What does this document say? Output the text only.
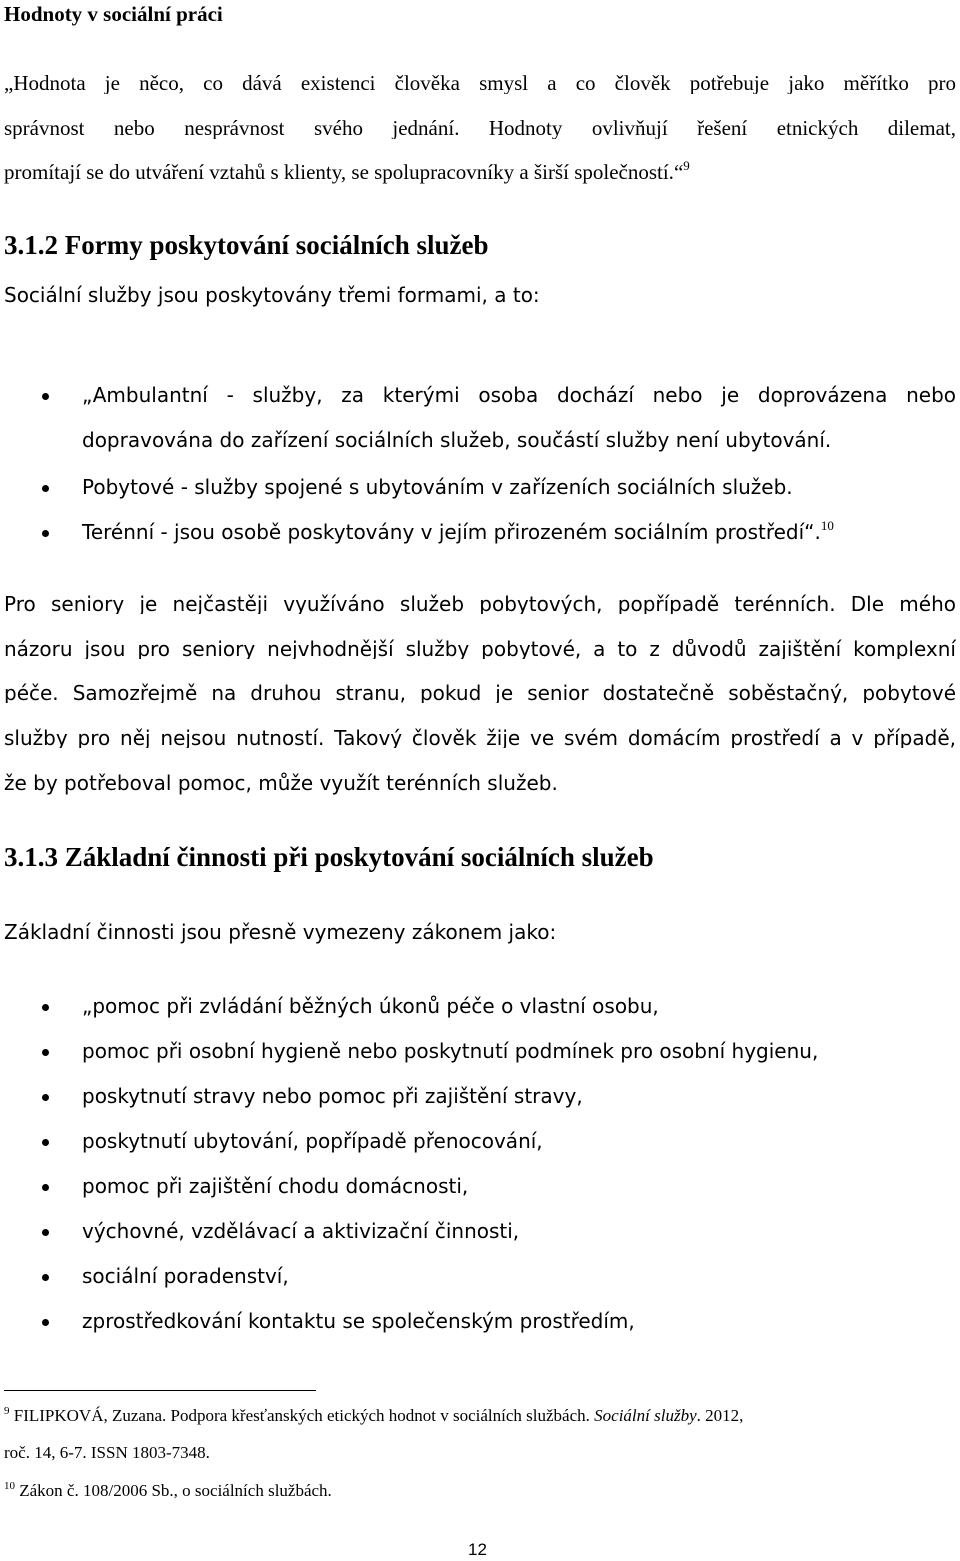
Hodnoty v sociální práci
„Hodnota je něco, co dává existenci člověka smysl a co člověk potřebuje jako měřítko pro
správnost nebo nesprávnost svého jednání. Hodnoty ovlivňují řešení etnických dilemat,
promítají se do utváření vztahů s klienty, se spolupracovníky a širší společností.“$^9$
3.1.2 Formy poskytování sociálních služeb
Sociální služby jsou poskytovány třemi formami, a to:
„Ambulantní - služby, za kterými osoba dochází nebo je doprovázena nebo
dopravována do zařízení sociálních služeb, součástí služby není ubytování.
Pobytové - služby spojené s ubytováním v zařízeních sociálních služeb.
Terénní - jsou osobě poskytovány v jejím přirozeném sociálním prostředí“.$^{10}$
Pro seniory je nejčastěji využíváno služeb pobytových, popřípadě terénních. Dle mého
názoru jsou pro seniory nejvhodnější služby pobytové, a to z důvodů zajištění komplexní
péče. Samozřejmě na druhou stranu, pokud je senior dostatečně soběstačný, pobytové
služby pro něj nejsou nutností. Takový člověk žije ve svém domácím prostředí a v případě,
že by potřeboval pomoc, může využít terénních služeb.
3.1.3 Základní činnosti při poskytování sociálních služeb
Základní činnosti jsou přesně vymezeny zákonem jako:
„pomoc při zvládání běžných úkonů péče o vlastní osobu,
pomoc při osobní hygieně nebo poskytnutí podmínek pro osobní hygienu,
poskytnutí stravy nebo pomoc při zajištění stravy,
poskytnutí ubytování, popřípadě přenocování,
pomoc při zajištění chodu domácnosti,
výchovné, vzdělávací a aktivizační činnosti,
sociální poradenství,
zprostředkování kontaktu se společenským prostředím,
$^9$ FILIPKOVÁ, Zuzana. Podpora křesťanských etických hodnot v sociálních službách. Sociální služby. 2012,
roč. 14, 6-7. ISSN 1803-7348.
$^{10}$ Zákon č. 108/2006 Sb., o sociálních službách.
12
